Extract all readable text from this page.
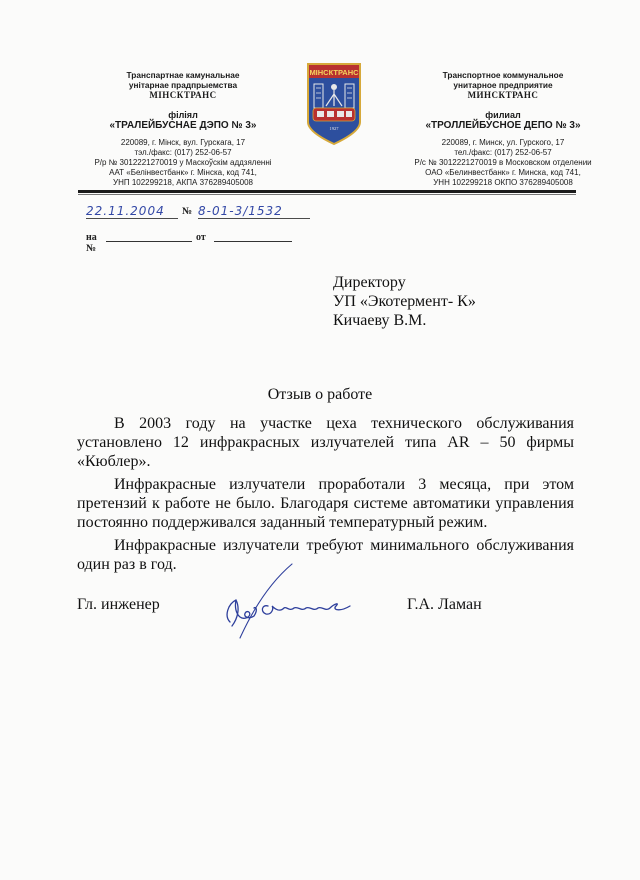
Транспартнае камунальнае
унітарнае прадпрыемства
МІНСКТРАНС
філіял
«ТРАЛЕЙБУСНАЕ ДЭПО № 3»
220089, г. Мінск, вул. Гурскага, 17
тэл./факс: (017) 252-06-57
Р/р № 3012221270019 у Маскоўскім аддзяленні
ААТ «Белінвестбанк» г. Мінска, код 741,
УНП 102299218, АКПА 376289405008
МІНСКТРАНС
1927
Транспортное коммунальное
унитарное предприятие
МИНСКТРАНС
филиал
«ТРОЛЛЕЙБУСНОЕ ДЕПО № 3»
220089, г. Минск, ул. Гурского, 17
тел./факс: (017) 252-06-57
Р/с № 3012221270019 в Московском отделении
ОАО «Белинвестбанк» г. Минска, код 741,
УНН 102299218 ОКПО 376289405008
22.11.2004	№ 8-01-3/1532
на №
от
Директору
УП «Экотермент- К»
Кичаеву В.М.
Отзыв о работе

В 2003 году на участке цеха технического обслуживания установлено 12 инфракрасных излучателей типа AR – 50 фирмы «Кюблер».

Инфракрасные излучатели проработали 3 месяца, при этом претензий к работе не было. Благодаря системе автоматики управления постоянно поддерживался заданный температурный режим.

Инфракрасные излучатели требуют минимального обслуживания один раз в год.

Гл. инженер	Г.А. Ламан
